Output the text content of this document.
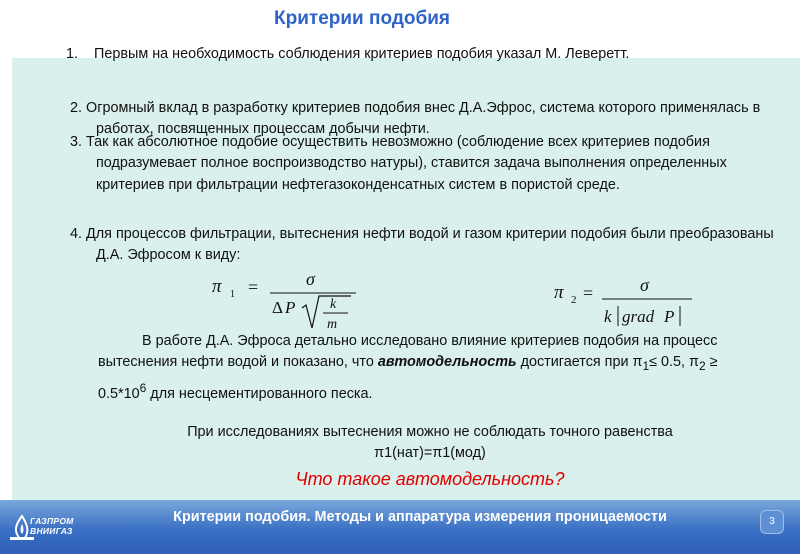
Критерии подобия
1. Первым на необходимость соблюдения критериев подобия указал М. Леверетт.
2. Огромный вклад в разработку критериев подобия внес Д.А.Эфрос, система которого применялась в работах, посвященных процессам добычи нефти.
3. Так как абсолютное подобие осуществить невозможно (соблюдение всех критериев подобия подразумевает полное воспроизводство натуры), ставится задача выполнения определенных критериев при фильтрации нефтегазоконденсатных систем в пористой среде.
4. Для процессов фильтрации, вытеснения нефти водой и газом критерии подобия были преобразованы Д.А. Эфросом к виду:
π 1 =	σ
Δ P k
m
π 2 =	σ
k grad P
В работе Д.А. Эфроса детально исследовано влияние критериев подобия на процесс вытеснения нефти водой и показано, что автомодельность достигается при $\pi_1\le 0.5$, $\pi_2 \ge 0.5*10^6$ для несцементированного песка.
При исследованиях вытеснения можно не соблюдать точного равенства
π1(нат)=π1(мод)
Что такое автомодельность?
ГАЗПРОМ
ВНИИГАЗ
Критерии подобия. Методы и аппаратура измерения проницаемости	3
